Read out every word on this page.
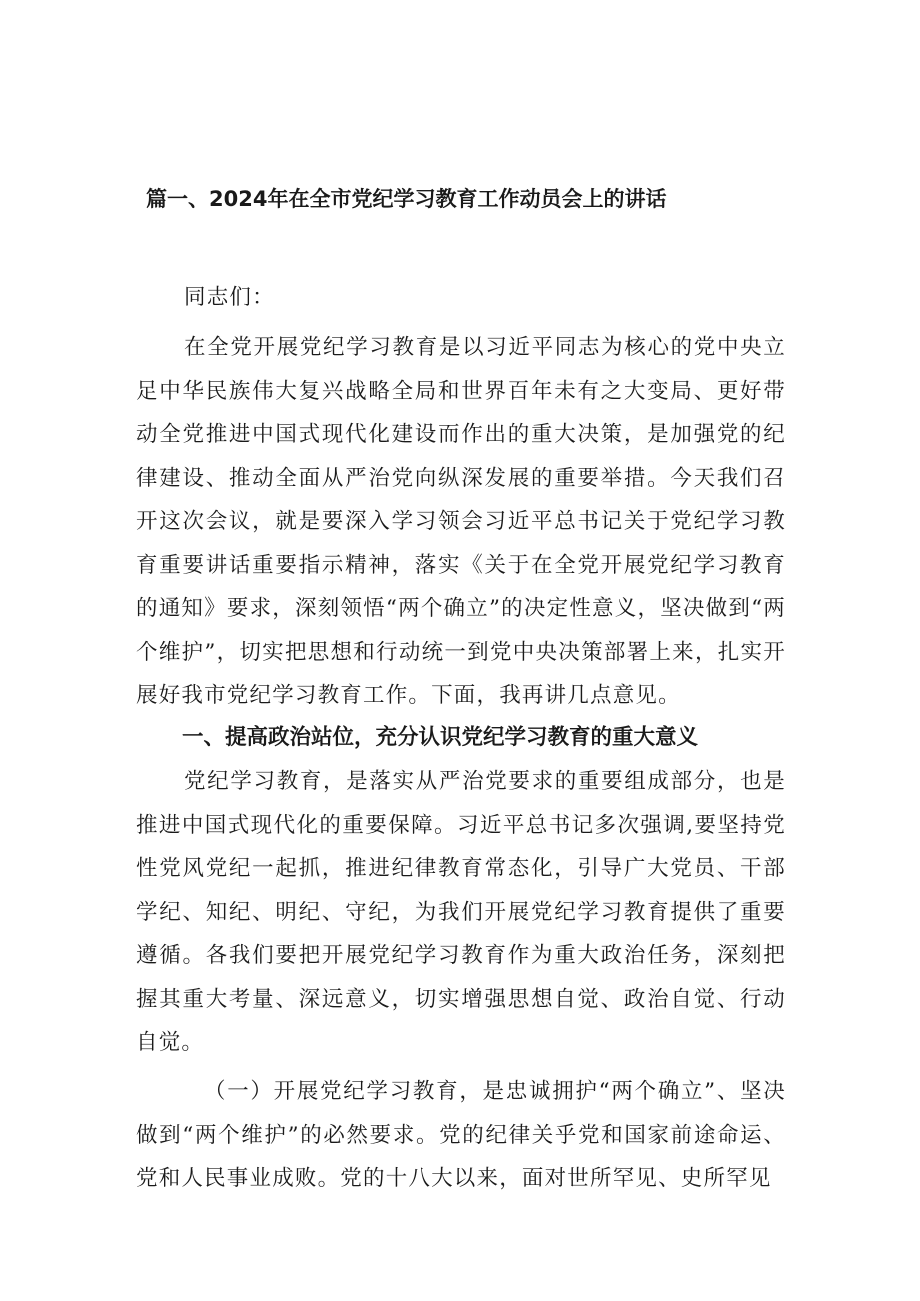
篇一、2024年在全市党纪学习教育工作动员会上的讲话
同志们：

在全党开展党纪学习教育是以习近平同志为核心的党中央立足中华民族伟大复兴战略全局和世界百年未有之大变局、更好带动全党推进中国式现代化建设而作出的重大决策，是加强党的纪律建设、推动全面从严治党向纵深发展的重要举措。今天我们召开这次会议，就是要深入学习领会习近平总书记关于党纪学习教育重要讲话重要指示精神，落实《关于在全党开展党纪学习教育的通知》要求，深刻领悟“两个确立”的决定性意义，坚决做到“两个维护”，切实把思想和行动统一到党中央决策部署上来，扎实开展好我市党纪学习教育工作。下面，我再讲几点意见。

一、提高政治站位，充分认识党纪学习教育的重大意义

党纪学习教育，是落实从严治党要求的重要组成部分，也是推进中国式现代化的重要保障。习近平总书记多次强调,要坚持党性党风党纪一起抓，推进纪律教育常态化，引导广大党员、干部学纪、知纪、明纪、守纪，为我们开展党纪学习教育提供了重要遵循。各我们要把开展党纪学习教育作为重大政治任务，深刻把握其重大考量、深远意义，切实增强思想自觉、政治自觉、行动自觉。

（一）开展党纪学习教育，是忠诚拥护“两个确立”、坚决做到“两个维护”的必然要求。党的纪律关乎党和国家前途命运、党和人民事业成败。党的十八大以来，面对世所罕见、史所罕见
